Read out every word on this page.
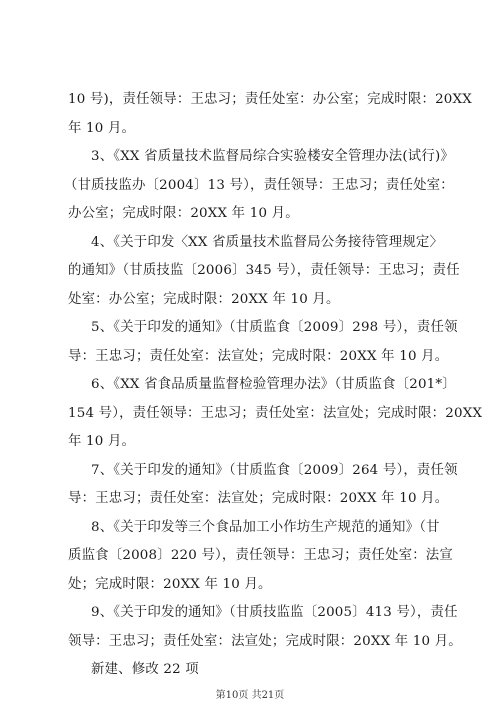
10 号)，责任领导：王忠习；责任处室：办公室；完成时限：20XX
年 10 月。
3、《XX 省质量技术监督局综合实验楼安全管理办法(试行)》
（甘质技监办〔2004〕13 号），责任领导：王忠习；责任处室：
办公室；完成时限：20XX 年 10 月。
4、《关于印发〈XX 省质量技术监督局公务接待管理规定〉
的通知》（甘质技监〔2006〕345 号），责任领导：王忠习；责任
处室：办公室；完成时限：20XX 年 10 月。
5、《关于印发的通知》（甘质监食〔2009〕298 号），责任领
导：王忠习；责任处室：法宣处；完成时限：20XX 年 10 月。
6、《XX 省食品质量监督检验管理办法》（甘质监食〔201*〕
154 号），责任领导：王忠习；责任处室：法宣处；完成时限：20XX
年 10 月。
7、《关于印发的通知》（甘质监食〔2009〕264 号），责任领
导：王忠习；责任处室：法宣处；完成时限：20XX 年 10 月。
8、《关于印发等三个食品加工小作坊生产规范的通知》（甘
质监食〔2008〕220 号），责任领导：王忠习；责任处室：法宣
处；完成时限：20XX 年 10 月。
9、《关于印发的通知》（甘质技监监〔2005〕413 号），责任
领导：王忠习；责任处室：法宣处；完成时限：20XX 年 10 月。
新建、修改 22 项
第10页 共21页
